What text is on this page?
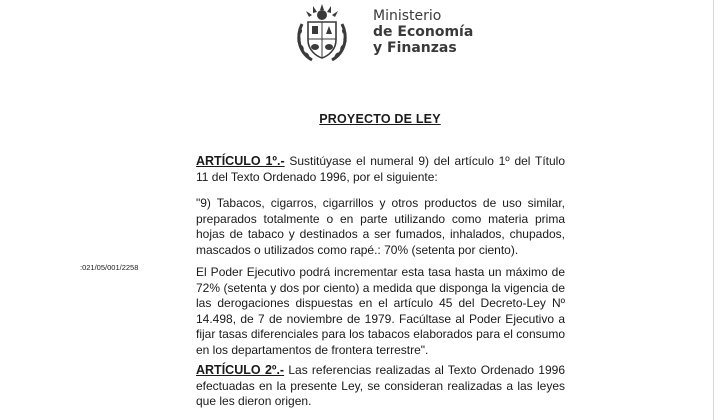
Ministerio
de Economía
y Finanzas
PROYECTO DE LEY
ARTÍCULO 1º.- Sustitúyase el numeral 9) del artículo 1º del Título 11 del Texto Ordenado 1996, por el siguiente:
"9) Tabacos, cigarros, cigarrillos y otros productos de uso similar, preparados totalmente o en parte utilizando como materia prima hojas de tabaco y destinados a ser fumados, inhalados, chupados, mascados o utilizados como rapé.: 70% (setenta por ciento).
:021/05/001/2258	El Poder Ejecutivo podrá incrementar esta tasa hasta un máximo de 72% (setenta y dos por ciento) a medida que disponga la vigencia de las derogaciones dispuestas en el artículo 45 del Decreto-Ley Nº 14.498, de 7 de noviembre de 1979. Facúltase al Poder Ejecutivo a fijar tasas diferenciales para los tabacos elaborados para el consumo en los departamentos de frontera terrestre".
ARTÍCULO 2º.- Las referencias realizadas al Texto Ordenado 1996 efectuadas en la presente Ley, se consideran realizadas a las leyes que les dieron origen.
